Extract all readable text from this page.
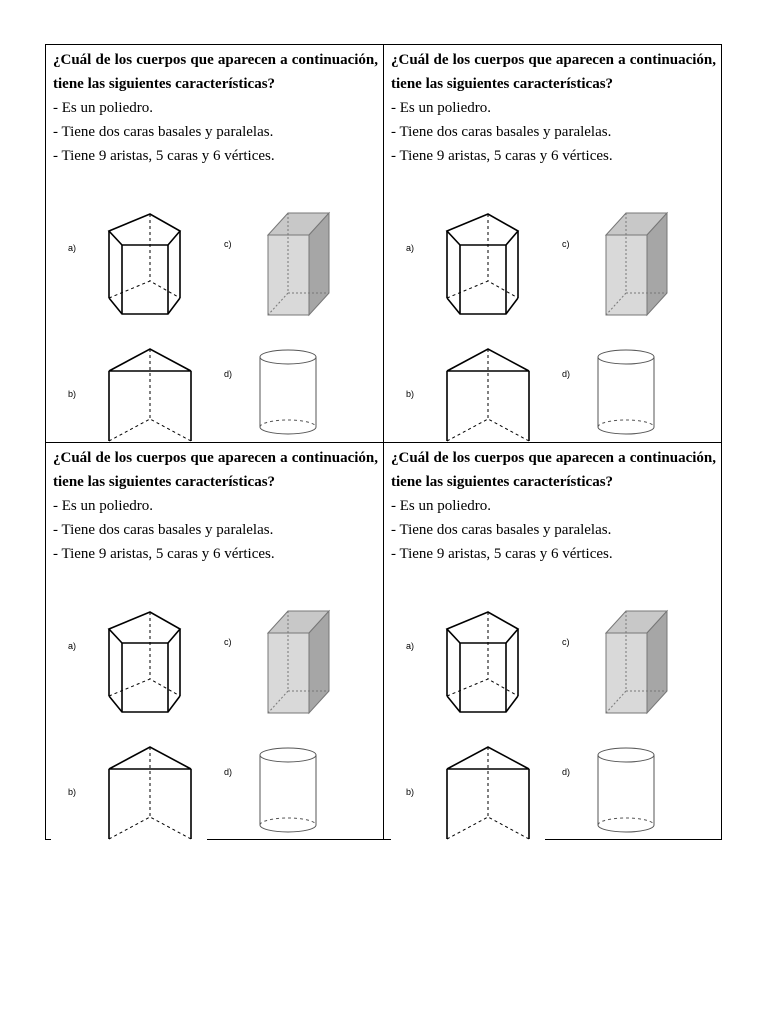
¿Cuál de los cuerpos que aparecen a continuación, tiene las siguientes características?

- Es un poliedro.

- Tiene dos caras basales y paralelas.

- Tiene 9 aristas, 5 caras y 6 vértices.

a)	c)
b)
d)

¿Cuál de los cuerpos que aparecen a continuación, tiene las siguientes características?

- Es un poliedro.

- Tiene dos caras basales y paralelas.

- Tiene 9 aristas, 5 caras y 6 vértices.

a)	c)
b)
d)

¿Cuál de los cuerpos que aparecen a continuación, tiene las siguientes características?

- Es un poliedro.

- Tiene dos caras basales y paralelas.

- Tiene 9 aristas, 5 caras y 6 vértices.

a)	c)
b)
d)

¿Cuál de los cuerpos que aparecen a continuación, tiene las siguientes características?

- Es un poliedro.

- Tiene dos caras basales y paralelas.

- Tiene 9 aristas, 5 caras y 6 vértices.

a)	c)
b)
d)
